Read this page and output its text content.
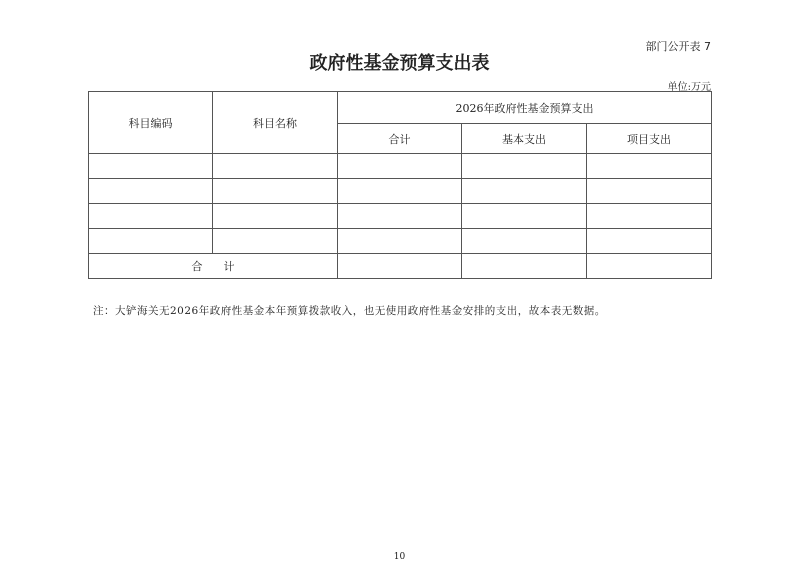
部门公开表 7
政府性基金预算支出表
单位:万元
科目编码	科目名称	2026年政府性基金预算支出		
		合计	基本支出	项目支出

合      计				
注：大铲海关无2026年政府性基金本年预算拨款收入，也无使用政府性基金安排的支出，故本表无数据。
10
